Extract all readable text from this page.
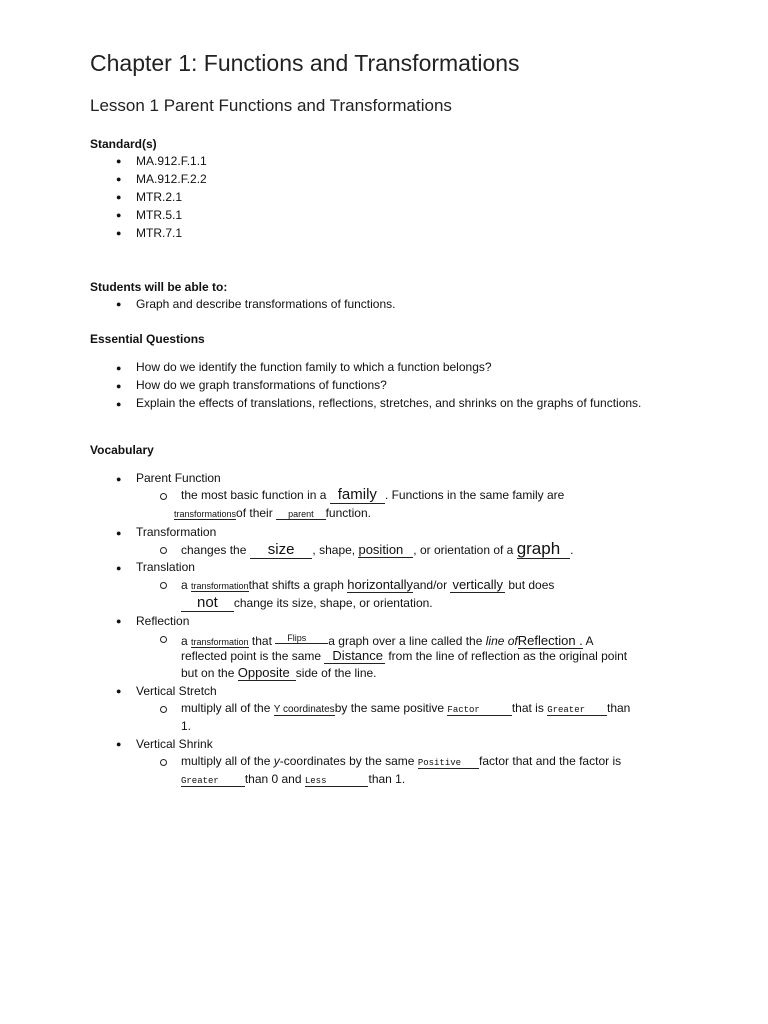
Chapter 1: Functions and Transformations
Lesson 1 Parent Functions and Transformations
Standard(s)
● MA.912.F.1.1
● MA.912.F.2.2
● MTR.2.1
● MTR.5.1
● MTR.7.1
Students will be able to:
● Graph and describe transformations of functions.
Essential Questions
● How do we identify the function family to which a function belongs?
● How do we graph transformations of functions?
● Explain the effects of translations, reflections, stretches, and shrinks on the graphs of functions.
Vocabulary
● Parent Function
the most basic function in a family . Functions in the same family are
transformationsof their parent function.
● Transformation
changes the size , shape, position , or orientation of a graph .
● Translation
a transformationthat shifts a graph horizontallyand/or vertically but does
not change its size, shape, or orientation.
● Reflection
a transformation that $^{Flips}$ a graph over a line called the line ofReflection . A
reflected point is the same Distance from the line of reflection as the original point
but on the Opposite side of the line.
● Vertical Stretch
multiply all of the Y coordinatesby the same positive Factor	that is Greater than
1.
● Vertical Shrink
multiply all of the y-coordinates by the same Positive factor that and the factor is
Greater than 0 and Less	than 1.
